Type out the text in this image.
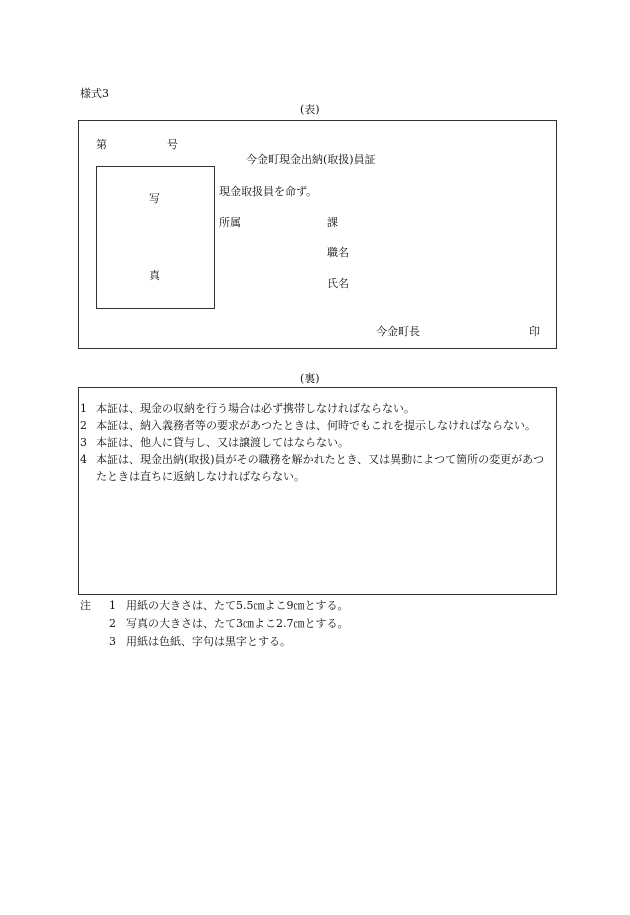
様式3
(表)
第	号
今金町現金出納(取扱)員証
写
真
現金取扱員を命ず。
所属	課
職名
氏名
今金町長	印
(裏)
1 本証は、現金の収納を行う場合は必ず携帯しなければならない。
2 本証は、納入義務者等の要求があつたときは、何時でもこれを提示しなければならない。
3 本証は、他人に貸与し、又は譲渡してはならない。
4 本証は、現金出納(取扱)員がその職務を解かれたとき、又は異動によつて箇所の変更があつたときは直ちに返納しなければならない。
注	1 用紙の大きさは、たて5.5㎝よこ9㎝とする。
2 写真の大きさは、たて3㎝よこ2.7㎝とする。
3 用紙は色紙、字句は黒字とする。
